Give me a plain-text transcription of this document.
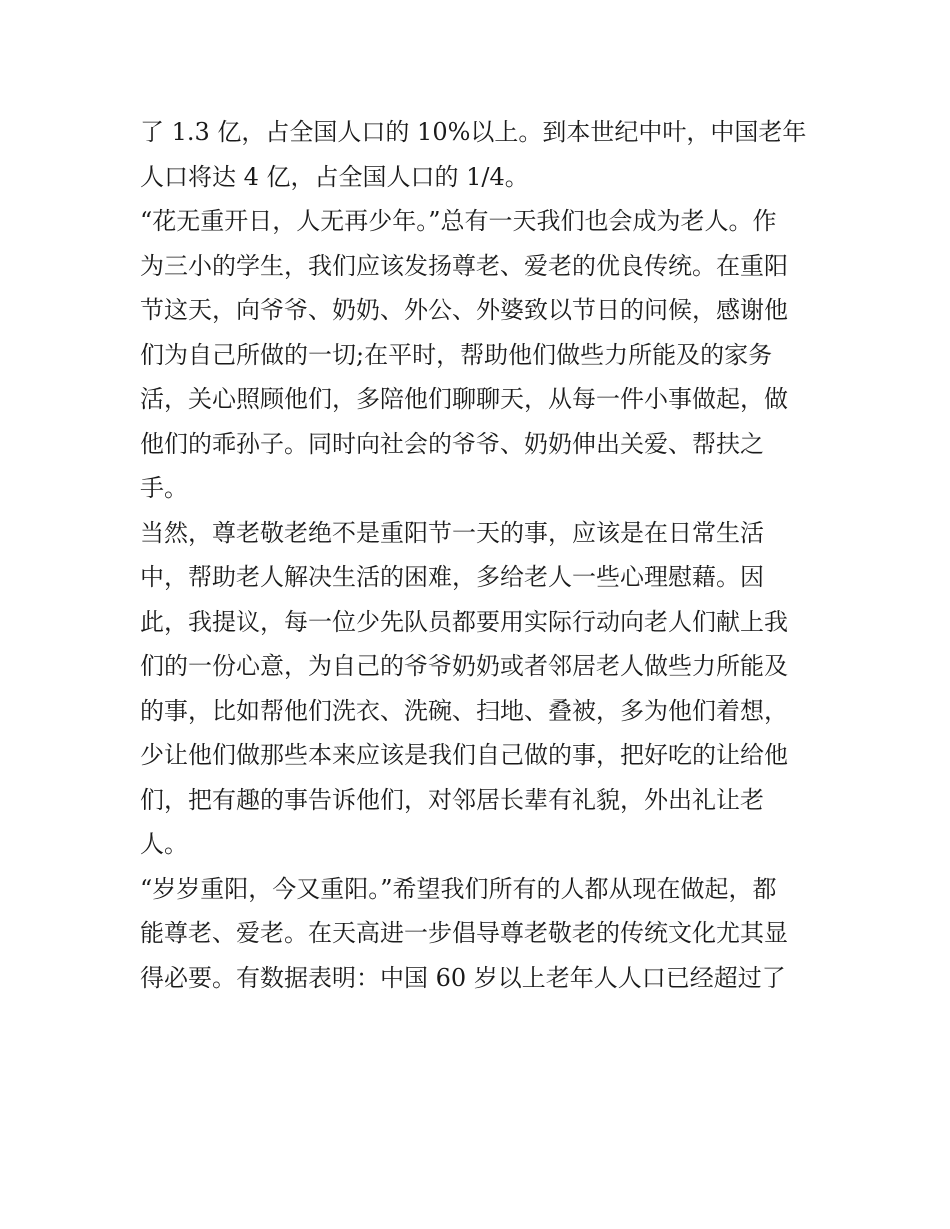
了 1.3 亿，占全国人口的 10%以上。到本世纪中叶，中国老年
人口将达 4 亿，占全国人口的 1/4。
“花无重开日，人无再少年。”总有一天我们也会成为老人。作
为三小的学生，我们应该发扬尊老、爱老的优良传统。在重阳
节这天，向爷爷、奶奶、外公、外婆致以节日的问候，感谢他
们为自己所做的一切;在平时，帮助他们做些力所能及的家务
活，关心照顾他们，多陪他们聊聊天，从每一件小事做起，做
他们的乖孙子。同时向社会的爷爷、奶奶伸出关爱、帮扶之
手。
当然，尊老敬老绝不是重阳节一天的事，应该是在日常生活
中，帮助老人解决生活的困难，多给老人一些心理慰藉。因
此，我提议，每一位少先队员都要用实际行动向老人们献上我
们的一份心意，为自己的爷爷奶奶或者邻居老人做些力所能及
的事，比如帮他们洗衣、洗碗、扫地、叠被，多为他们着想，
少让他们做那些本来应该是我们自己做的事，把好吃的让给他
们，把有趣的事告诉他们，对邻居长辈有礼貌，外出礼让老
人。
“岁岁重阳，今又重阳。”希望我们所有的人都从现在做起，都
能尊老、爱老。在天高进一步倡导尊老敬老的传统文化尤其显
得必要。有数据表明：中国 60 岁以上老年人人口已经超过了
